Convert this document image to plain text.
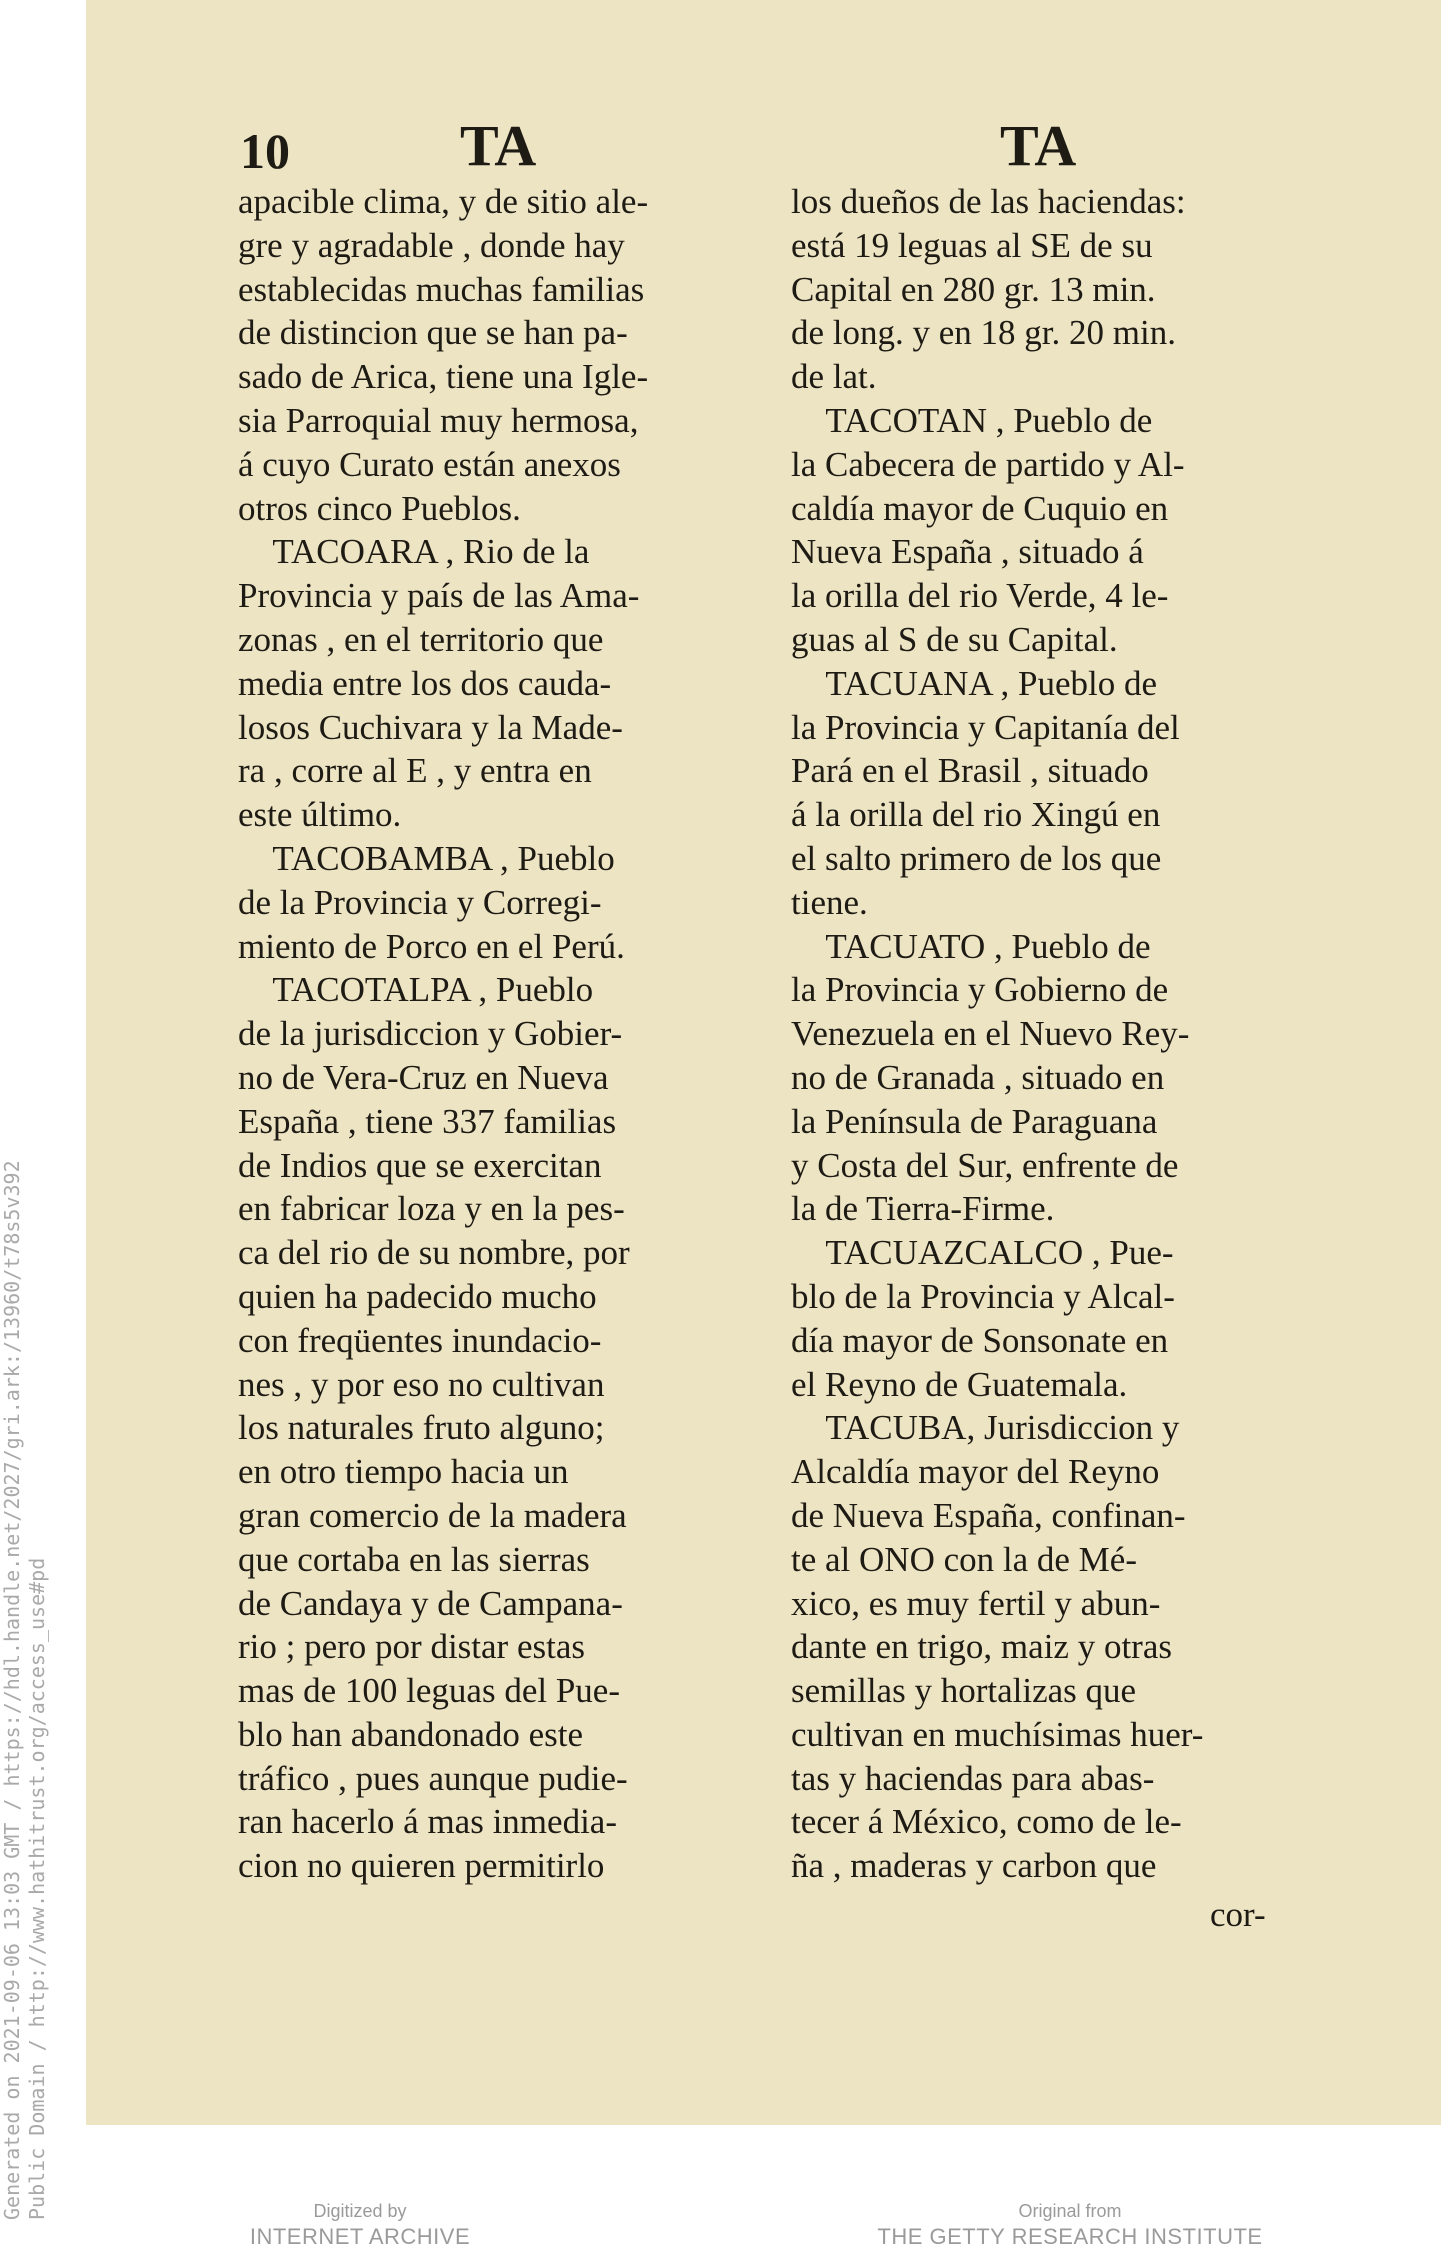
Generated on 2021-09-06 13:03 GMT / https://hdl.handle.net/2027/gri.ark:/13960/t78s5v392 Public Domain / http://www.hathitrust.org/access_use#pd
10	TA	TA
apacible clima, y de sitio ale-
gre y agradable , donde hay
establecidas muchas familias
de distincion que se han pa-
sado de Arica, tiene una Igle-
sia Parroquial muy hermosa,
á cuyo Curato están anexos
otros cinco Pueblos.
TACOARA , Rio de la
Provincia y país de las Ama-
zonas , en el territorio que
media entre los dos cauda-
losos Cuchivara y la Made-
ra , corre al E , y entra en
este último.
TACOBAMBA , Pueblo
de la Provincia y Corregi-
miento de Porco en el Perú.
TACOTALPA , Pueblo
de la jurisdiccion y Gobier-
no de Vera-Cruz en Nueva
España , tiene 337 familias
de Indios que se exercitan
en fabricar loza y en la pes-
ca del rio de su nombre, por
quien ha padecido mucho
con freqüentes inundacio-
nes , y por eso no cultivan
los naturales fruto alguno;
en otro tiempo hacia un
gran comercio de la madera
que cortaba en las sierras
de Candaya y de Campana-
rio ; pero por distar estas
mas de 100 leguas del Pue-
blo han abandonado este
tráfico , pues aunque pudie-
ran hacerlo á mas inmedia-
cion no quieren permitirlo
los dueños de las haciendas:
está 19 leguas al SE de su
Capital en 280 gr. 13 min.
de long. y en 18 gr. 20 min.
de lat.
TACOTAN , Pueblo de
la Cabecera de partido y Al-
caldía mayor de Cuquio en
Nueva España , situado á
la orilla del rio Verde, 4 le-
guas al S de su Capital.
TACUANA , Pueblo de
la Provincia y Capitanía del
Pará en el Brasil , situado
á la orilla del rio Xingú en
el salto primero de los que
tiene.
TACUATO , Pueblo de
la Provincia y Gobierno de
Venezuela en el Nuevo Rey-
no de Granada , situado en
la Península de Paraguana
y Costa del Sur, enfrente de
la de Tierra-Firme.
TACUAZCALCO , Pue-
blo de la Provincia y Alcal-
día mayor de Sonsonate en
el Reyno de Guatemala.
TACUBA, Jurisdiccion y
Alcaldía mayor del Reyno
de Nueva España, confinan-
te al ONO con la de Mé-
xico, es muy fertil y abun-
dante en trigo, maiz y otras
semillas y hortalizas que
cultivan en muchísimas huer-
tas y haciendas para abas-
tecer á México, como de le-
ña , maderas y carbon que
cor-
Digitized by
INTERNET ARCHIVE
Original from
THE GETTY RESEARCH INSTITUTE
